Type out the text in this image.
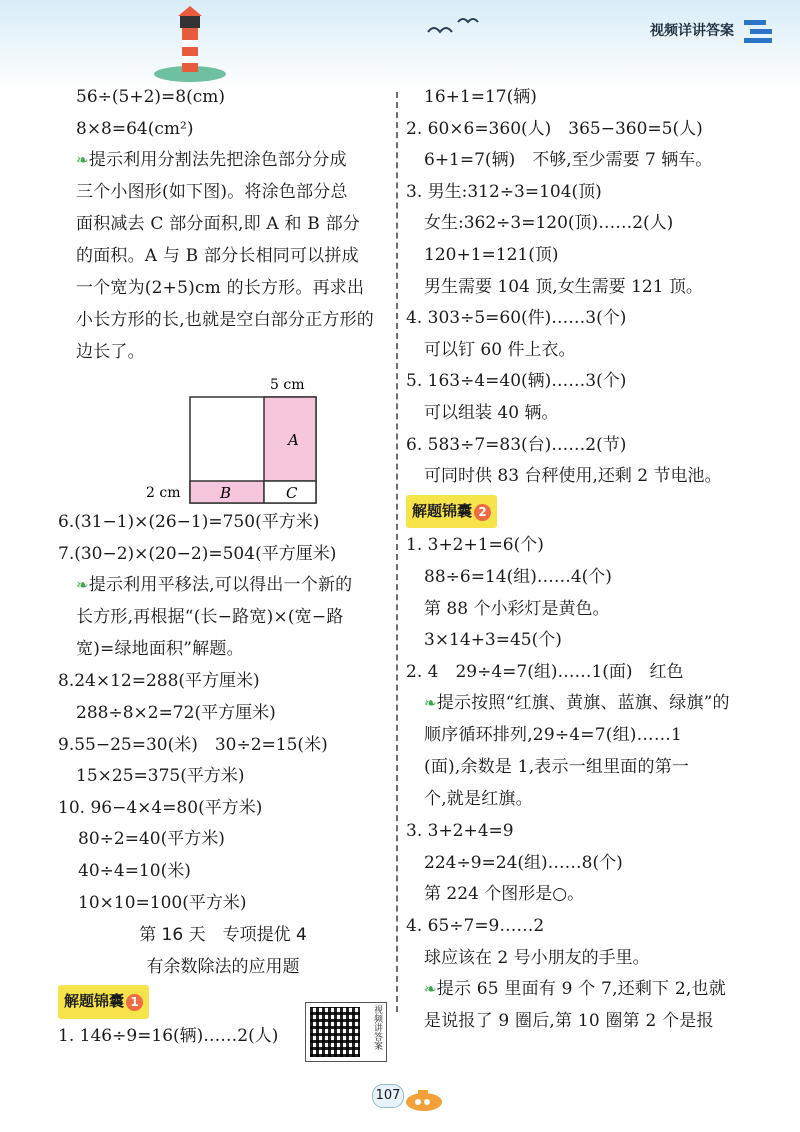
视频详讲答案
56÷(5+2)=8(cm)
8×8=64(cm²)
❧提示利用分割法先把涂色部分分成
三个小图形(如下图)。将涂色部分总
面积减去 C 部分面积,即 A 和 B 部分
的面积。A 与 B 部分长相同可以拼成
一个宽为(2+5)cm 的长方形。再求出
小长方形的长,也就是空白部分正方形的
边长了。
5 cm
A
B	C
2 cm
6.(31−1)×(26−1)=750(平方米)
7.(30−2)×(20−2)=504(平方厘米)
❧提示利用平移法,可以得出一个新的
长方形,再根据“(长−路宽)×(宽−路
宽)=绿地面积”解题。
8.24×12=288(平方厘米)
288÷8×2=72(平方厘米)
9.55−25=30(米)　30÷2=15(米)
15×25=375(平方米)
10. 96−4×4=80(平方米)
80÷2=40(平方米)
40÷4=10(米)
10×10=100(平方米)
第 16 天　专项提优 4
有余数除法的应用题
解题锦囊 1
1. 146÷9=16(辆)……2(人)	视频讲答案
16+1=17(辆)
2. 60×6=360(人)　365−360=5(人)
6+1=7(辆)　不够,至少需要 7 辆车。
3. 男生:312÷3=104(顶)
女生:362÷3=120(顶)……2(人)
120+1=121(顶)
男生需要 104 顶,女生需要 121 顶。
4. 303÷5=60(件)……3(个)
可以钉 60 件上衣。
5. 163÷4=40(辆)……3(个)
可以组装 40 辆。
6. 583÷7=83(台)……2(节)
可同时供 83 台秤使用,还剩 2 节电池。
解题锦囊 2
1. 3+2+1=6(个)
88÷6=14(组)……4(个)
第 88 个小彩灯是黄色。
3×14+3=45(个)
2. 4　29÷4=7(组)……1(面)　红色
❧提示按照“红旗、黄旗、蓝旗、绿旗”的
顺序循环排列,29÷4=7(组)……1
(面),余数是 1,表示一组里面的第一
个,就是红旗。
3. 3+2+4=9
224÷9=24(组)……8(个)
第 224 个图形是○。
4. 65÷7=9……2
球应该在 2 号小朋友的手里。
❧提示 65 里面有 9 个 7,还剩下 2,也就
是说报了 9 圈后,第 10 圈第 2 个是报
107
